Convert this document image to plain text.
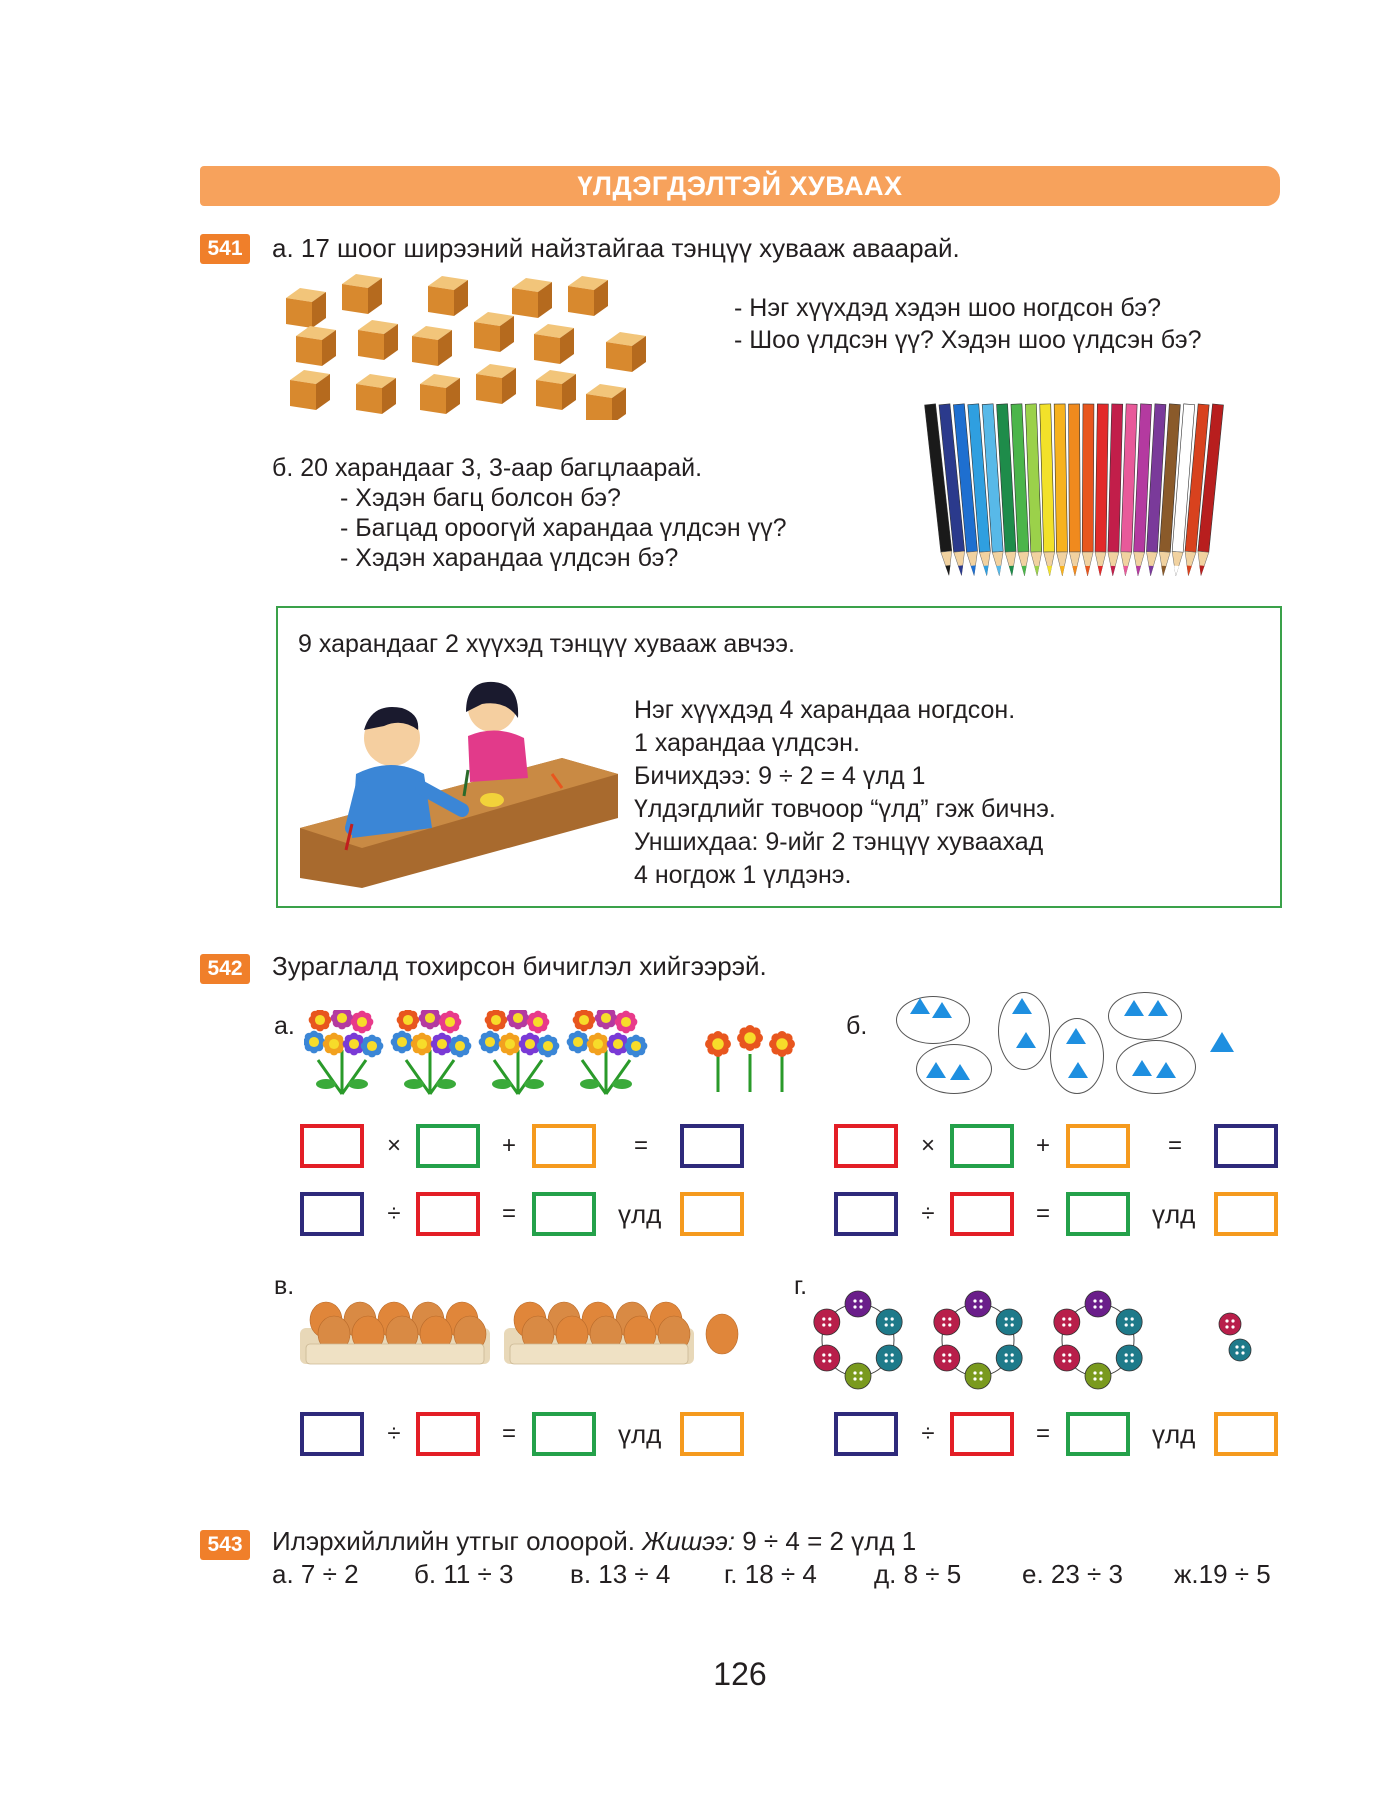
ҮЛДЭГДЭЛТЭЙ ХУВААХ
541 а. 17 шоог ширээний найзтайгаа тэнцүү хувааж аваарай.
- Нэг хүүхдэд хэдэн шоо ногдсон бэ?
- Шоо үлдсэн үү? Хэдэн шоо үлдсэн бэ?
б. 20 харандааг 3, 3-аар багцлаарай.
- Хэдэн багц болсон бэ?
- Багцад ороогүй харандаа үлдсэн үү?
- Хэдэн харандаа үлдсэн бэ?
9 харандааг 2 хүүхэд тэнцүү хувааж авчээ.
Нэг хүүхдэд 4 харандаа ногдсон.
1 харандаа үлдсэн.
Бичихдээ: 9 ÷ 2 = 4 үлд 1
Үлдэгдлийг товчоор “үлд” гэж бичнэ.
Уншихдаа: 9-ийг 2 тэнцүү хуваахад
4 ногдож 1 үлдэнэ.
542 Зураглалд тохирсон бичиглэл хийгээрэй.
а.	б.
×	+	=	×	+	=
÷	=	үлд	÷	=	үлд
в.	г.
÷	=	үлд	÷	=	үлд
543 Илэрхийллийн утгыг олоорой. Жишээ: 9 ÷ 4 = 2 үлд 1
а. 7 ÷ 2 б. 11 ÷ 3 в. 13 ÷ 4 г. 18 ÷ 4 д. 8 ÷ 5 е. 23 ÷ 3 ж.19 ÷ 5
126
